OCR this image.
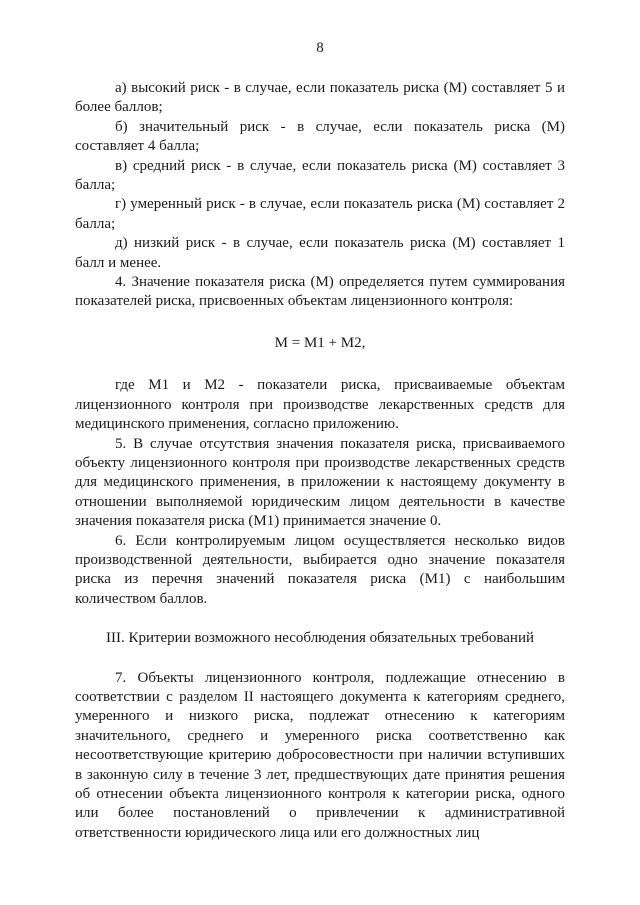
8

а) высокий риск - в случае, если показатель риска (М) составляет 5 и более баллов;

б) значительный риск - в случае, если показатель риска (М) составляет 4 балла;

в) средний риск - в случае, если показатель риска (М) составляет 3 балла;

г) умеренный риск - в случае, если показатель риска (М) составляет 2 балла;

д) низкий риск - в случае, если показатель риска (М) составляет 1 балл и менее.

4. Значение показателя риска (М) определяется путем суммирования показателей риска, присвоенных объектам лицензионного контроля:

М = М1 + М2,

где М1 и М2 - показатели риска, присваиваемые объектам лицензионного контроля при производстве лекарственных средств для медицинского применения, согласно приложению.

5. В случае отсутствия значения показателя риска, присваиваемого объекту лицензионного контроля при производстве лекарственных средств для медицинского применения, в приложении к настоящему документу в отношении выполняемой юридическим лицом деятельности в качестве значения показателя риска (М1) принимается значение 0.

6. Если контролируемым лицом осуществляется несколько видов производственной деятельности, выбирается одно значение показателя риска из перечня значений показателя риска (М1) с наибольшим количеством баллов.

III. Критерии возможного несоблюдения обязательных требований

7. Объекты лицензионного контроля, подлежащие отнесению в соответствии с разделом II настоящего документа к категориям среднего, умеренного и низкого риска, подлежат отнесению к категориям значительного, среднего и умеренного риска соответственно как несоответствующие критерию добросовестности при наличии вступивших в законную силу в течение 3 лет, предшествующих дате принятия решения об отнесении объекта лицензионного контроля к категории риска, одного или более постановлений о привлечении к административной ответственности юридического лица или его должностных лиц
